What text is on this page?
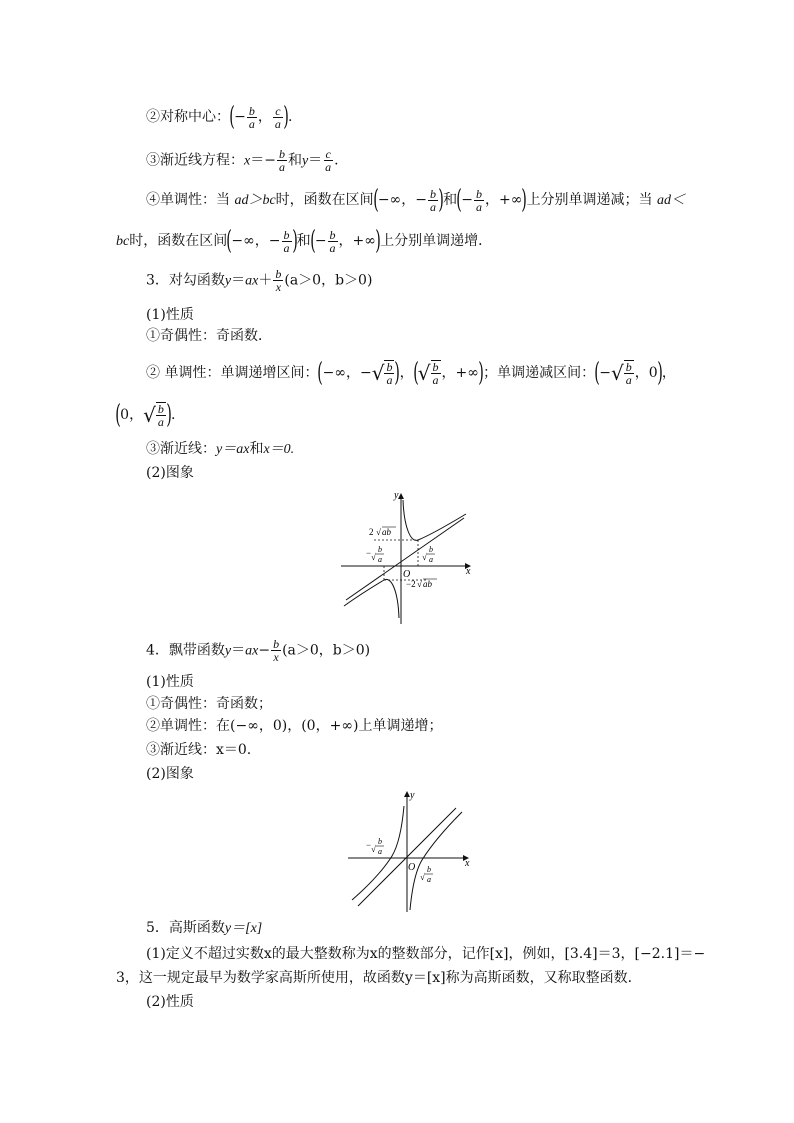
②对称中心：(− $\frac{b}{a}$ ， $\frac{c}{a}$ ).
③渐近线方程：$x=- \frac{b}{a}$ 和$y= \frac{c}{a}$ .
④单调性：当 ad＞bc时，函数在区间(−∞，− $\frac{b}{a}$ )和(− $\frac{b}{a}$ ，+∞)上分别单调递减；当 ad＜
bc时，函数在区间(−∞，− $\frac{b}{a}$ )和(− $\frac{b}{a}$ ，+∞)上分别单调递增．
3．对勾函数$y=ax+ \frac{b}{x} (a>0$，b＞0)
(1)性质
①奇偶性：奇函数．
② 单调性：单调递增区间：(−∞，− √ b
a )，( √ b
a ，+∞)；单调递减区间：(− √ b
a ，0)，
(0， √ b
a ).
③渐近线：y＝ax和x＝0.
(2)图象
y
x
O
2 √ ab
−2 √ ab
− √
b
a	√
b
a
4．飘带函数$y=ax- \frac{b}{x} (a>0$，b＞0)
(1)性质
①奇偶性：奇函数；
②单调性：在(−∞，0)，(0，+∞)上单调递增；
③渐近线：x＝0.
(2)图象
y
x
O
− √
b
a
√
b
a
5．高斯函数y＝[x]
(1)定义不超过实数x的最大整数称为x的整数部分，记作[x]，例如，[3.4]＝3，[−2.1]＝−
3，这一规定最早为数学家高斯所使用，故函数y＝[x]称为高斯函数，又称取整函数．
(2)性质
